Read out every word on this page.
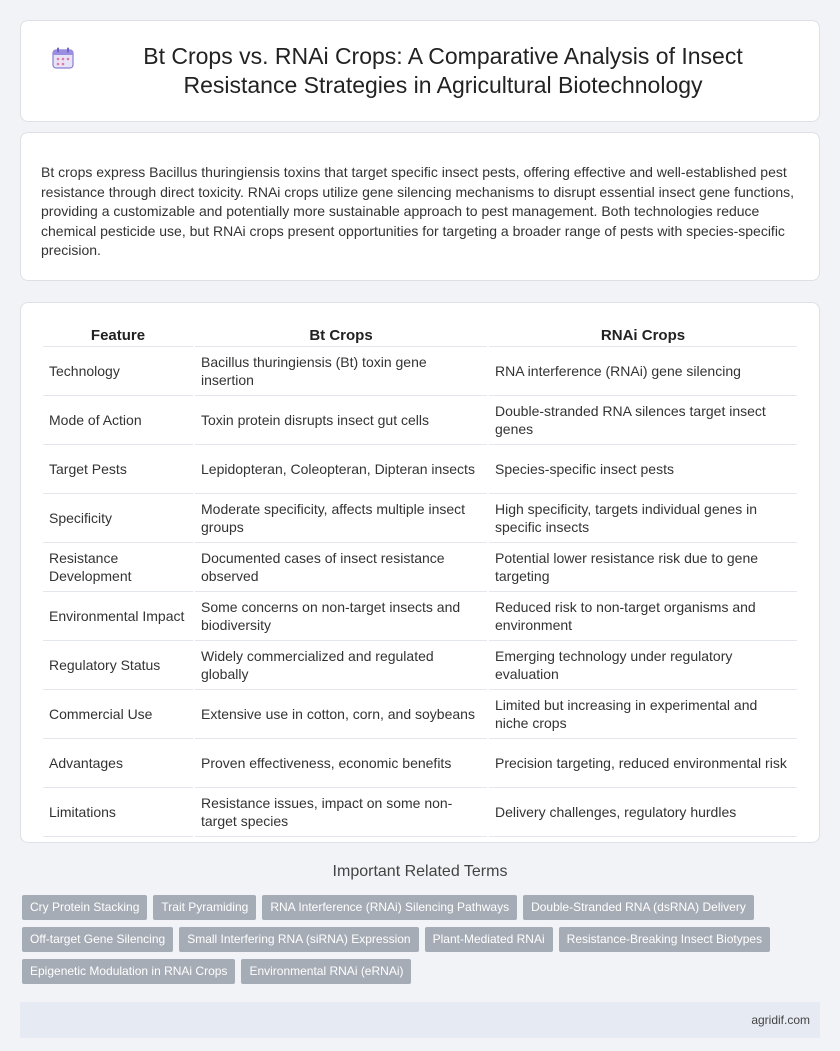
Bt Crops vs. RNAi Crops: A Comparative Analysis of Insect Resistance Strategies in Agricultural Biotechnology

Bt crops express Bacillus thuringiensis toxins that target specific insect pests, offering effective and well-established pest resistance through direct toxicity. RNAi crops utilize gene silencing mechanisms to disrupt essential insect gene functions, providing a customizable and potentially more sustainable approach to pest management. Both technologies reduce chemical pesticide use, but RNAi crops present opportunities for targeting a broader range of pests with species-specific precision.

Feature	Bt Crops	RNAi Crops
Technology	Bacillus thuringiensis (Bt) toxin gene insertion	RNA interference (RNAi) gene silencing
Mode of Action	Toxin protein disrupts insect gut cells	Double-stranded RNA silences target insect genes
Target Pests	Lepidopteran, Coleopteran, Dipteran insects	Species-specific insect pests
Specificity	Moderate specificity, affects multiple insect groups	High specificity, targets individual genes in specific insects
Resistance Development	Documented cases of insect resistance observed	Potential lower resistance risk due to gene targeting
Environmental Impact	Some concerns on non-target insects and biodiversity	Reduced risk to non-target organisms and environment
Regulatory Status	Widely commercialized and regulated globally	Emerging technology under regulatory evaluation
Commercial Use	Extensive use in cotton, corn, and soybeans	Limited but increasing in experimental and niche crops
Advantages	Proven effectiveness, economic benefits	Precision targeting, reduced environmental risk
Limitations	Resistance issues, impact on some non-target species	Delivery challenges, regulatory hurdles
Important Related Terms
Cry Protein Stacking	Trait Pyramiding	RNA Interference (RNAi) Silencing Pathways	Double-Stranded RNA (dsRNA) Delivery
Off-target Gene Silencing	Small Interfering RNA (siRNA) Expression	Plant-Mediated RNAi	Resistance-Breaking Insect Biotypes
Epigenetic Modulation in RNAi Crops	Environmental RNAi (eRNAi)
agridif.com
